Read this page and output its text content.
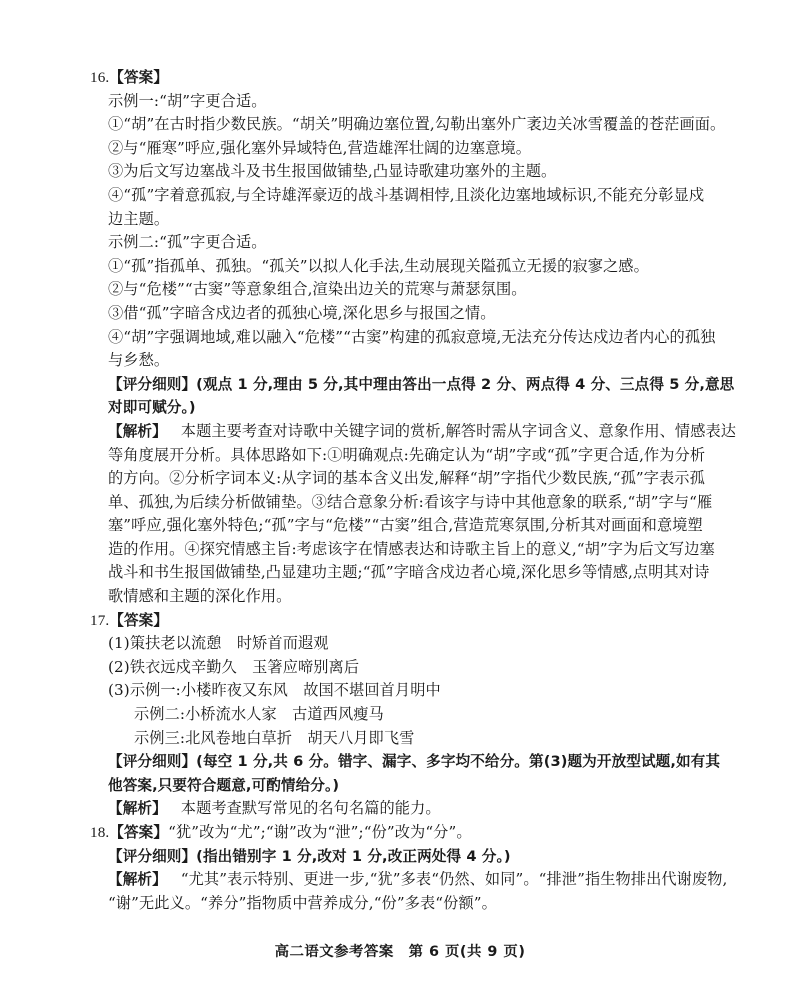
16.【答案】
示例一:“胡”字更合适。
①“胡”在古时指少数民族。“胡关”明确边塞位置,勾勒出塞外广袤边关冰雪覆盖的苍茫画面。
②与“雁寒”呼应,强化塞外异域特色,营造雄浑壮阔的边塞意境。
③为后文写边塞战斗及书生报国做铺垫,凸显诗歌建功塞外的主题。
④“孤”字着意孤寂,与全诗雄浑豪迈的战斗基调相悖,且淡化边塞地域标识,不能充分彰显戍
边主题。
示例二:“孤”字更合适。
①“孤”指孤单、孤独。“孤关”以拟人化手法,生动展现关隘孤立无援的寂寥之感。
②与“危楼”“古窦”等意象组合,渲染出边关的荒寒与萧瑟氛围。
③借“孤”字暗含戍边者的孤独心境,深化思乡与报国之情。
④“胡”字强调地域,难以融入“危楼”“古窦”构建的孤寂意境,无法充分传达戍边者内心的孤独
与乡愁。
【评分细则】(观点 1 分,理由 5 分,其中理由答出一点得 2 分、两点得 4 分、三点得 5 分,意思
对即可赋分。)
【解析】 本题主要考查对诗歌中关键字词的赏析,解答时需从字词含义、意象作用、情感表达
等角度展开分析。具体思路如下:①明确观点:先确定认为“胡”字或“孤”字更合适,作为分析
的方向。②分析字词本义:从字词的基本含义出发,解释“胡”字指代少数民族,“孤”字表示孤
单、孤独,为后续分析做铺垫。③结合意象分析:看该字与诗中其他意象的联系,“胡”字与“雁
塞”呼应,强化塞外特色;“孤”字与“危楼”“古窦”组合,营造荒寒氛围,分析其对画面和意境塑
造的作用。④探究情感主旨:考虑该字在情感表达和诗歌主旨上的意义,“胡”字为后文写边塞
战斗和书生报国做铺垫,凸显建功主题;“孤”字暗含戍边者心境,深化思乡等情感,点明其对诗
歌情感和主题的深化作用。
17.【答案】
(1)策扶老以流憩　时矫首而遐观
(2)铁衣远戍辛勤久　玉箸应啼别离后
(3)示例一:小楼昨夜又东风　故国不堪回首月明中
示例二:小桥流水人家　古道西风瘦马
示例三:北风卷地白草折　胡天八月即飞雪
【评分细则】(每空 1 分,共 6 分。错字、漏字、多字均不给分。第(3)题为开放型试题,如有其
他答案,只要符合题意,可酌情给分。)
【解析】 本题考查默写常见的名句名篇的能力。
18.【答案】“犹”改为“尤”;“谢”改为“泄”;“份”改为“分”。
【评分细则】(指出错别字 1 分,改对 1 分,改正两处得 4 分。)
【解析】 “尤其”表示特别、更进一步,“犹”多表“仍然、如同”。“排泄”指生物排出代谢废物,
“谢”无此义。“养分”指物质中营养成分,“份”多表“份额”。
高二语文参考答案　第 6 页(共 9 页)
